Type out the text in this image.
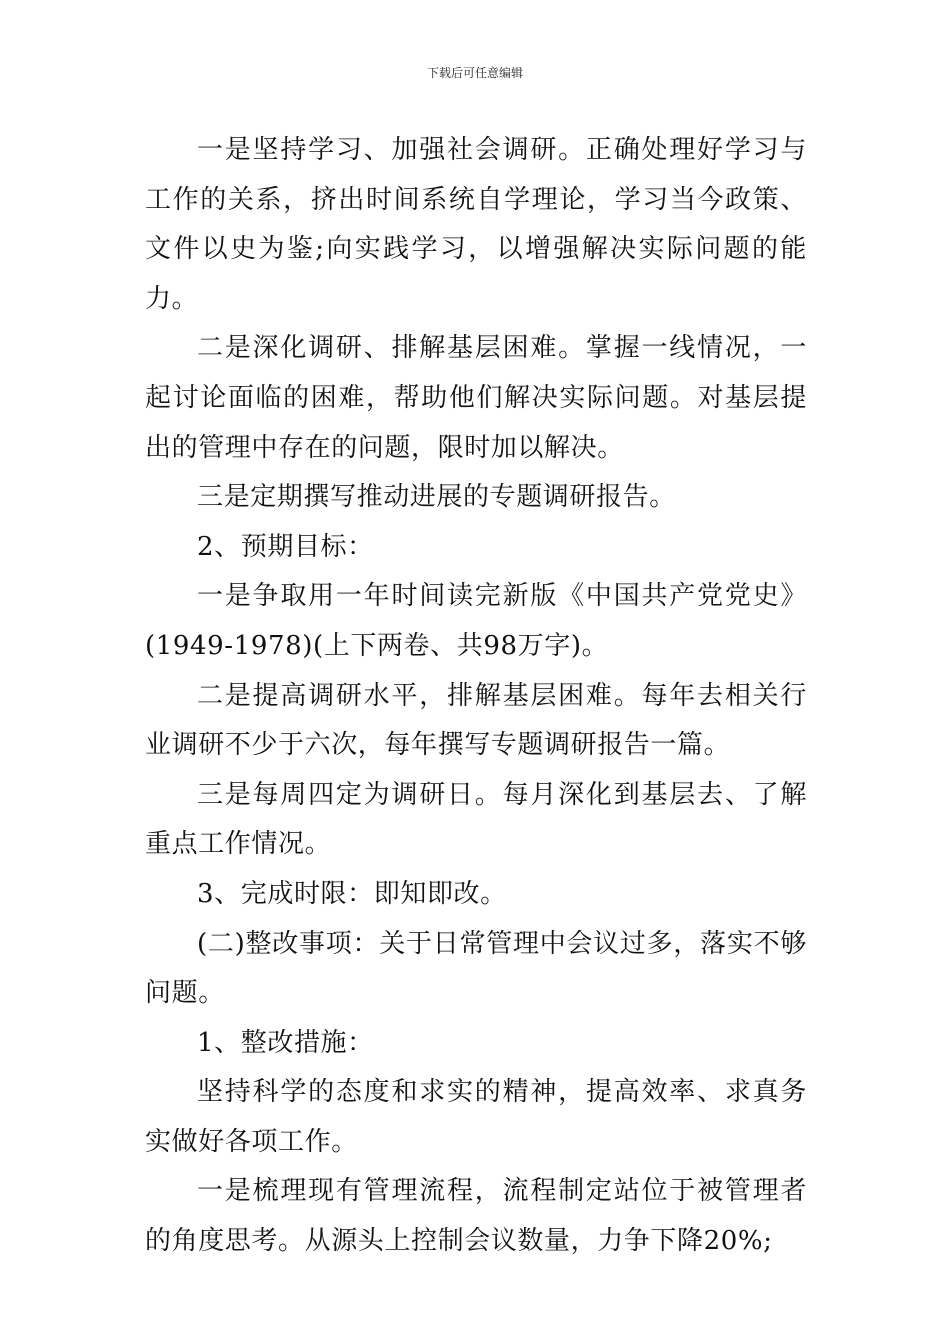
下载后可任意编辑

一是坚持学习、加强社会调研。正确处理好学习与工作的关系，挤出时间系统自学理论，学习当今政策、文件以史为鉴;向实践学习，以增强解决实际问题的能力。

二是深化调研、排解基层困难。掌握一线情况，一起讨论面临的困难，帮助他们解决实际问题。对基层提出的管理中存在的问题，限时加以解决。

三是定期撰写推动进展的专题调研报告。

2、预期目标：

一是争取用一年时间读完新版《中国共产党党史》(1949-1978)(上下两卷、共98万字)。

二是提高调研水平，排解基层困难。每年去相关行业调研不少于六次，每年撰写专题调研报告一篇。

三是每周四定为调研日。每月深化到基层去、了解重点工作情况。

3、完成时限：即知即改。

(二)整改事项：关于日常管理中会议过多，落实不够问题。

1、整改措施：

坚持科学的态度和求实的精神，提高效率、求真务实做好各项工作。

一是梳理现有管理流程，流程制定站位于被管理者的角度思考。从源头上控制会议数量，力争下降20%;
